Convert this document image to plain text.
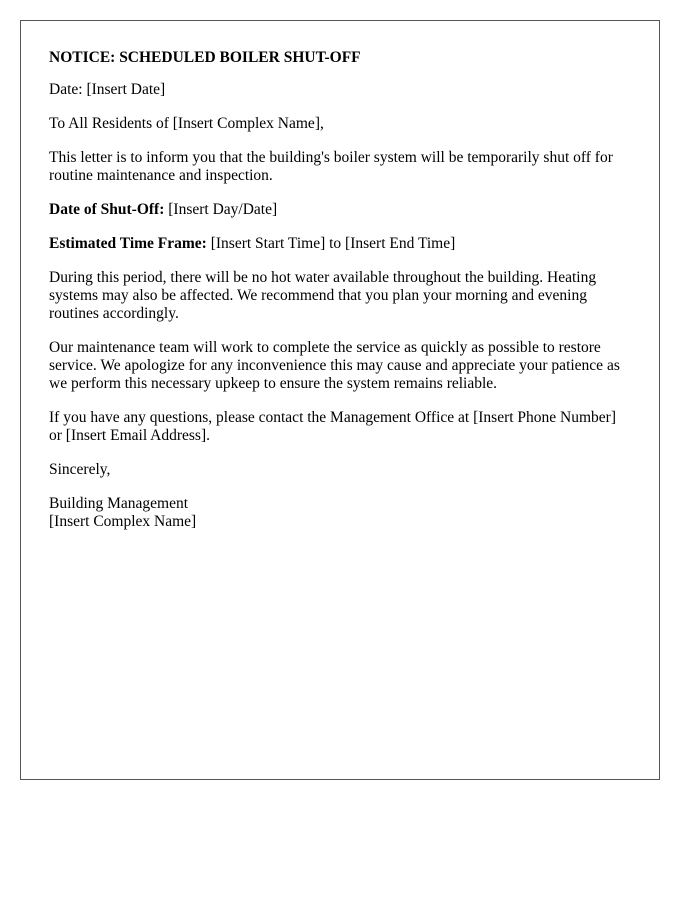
NOTICE: SCHEDULED BOILER SHUT-OFF
Date: [Insert Date]
To All Residents of [Insert Complex Name],
This letter is to inform you that the building's boiler system will be temporarily shut off for routine maintenance and inspection.
Date of Shut-Off: [Insert Day/Date]
Estimated Time Frame: [Insert Start Time] to [Insert End Time]
During this period, there will be no hot water available throughout the building. Heating systems may also be affected. We recommend that you plan your morning and evening routines accordingly.
Our maintenance team will work to complete the service as quickly as possible to restore service. We apologize for any inconvenience this may cause and appreciate your patience as we perform this necessary upkeep to ensure the system remains reliable.
If you have any questions, please contact the Management Office at [Insert Phone Number] or [Insert Email Address].
Sincerely,
Building Management
[Insert Complex Name]
